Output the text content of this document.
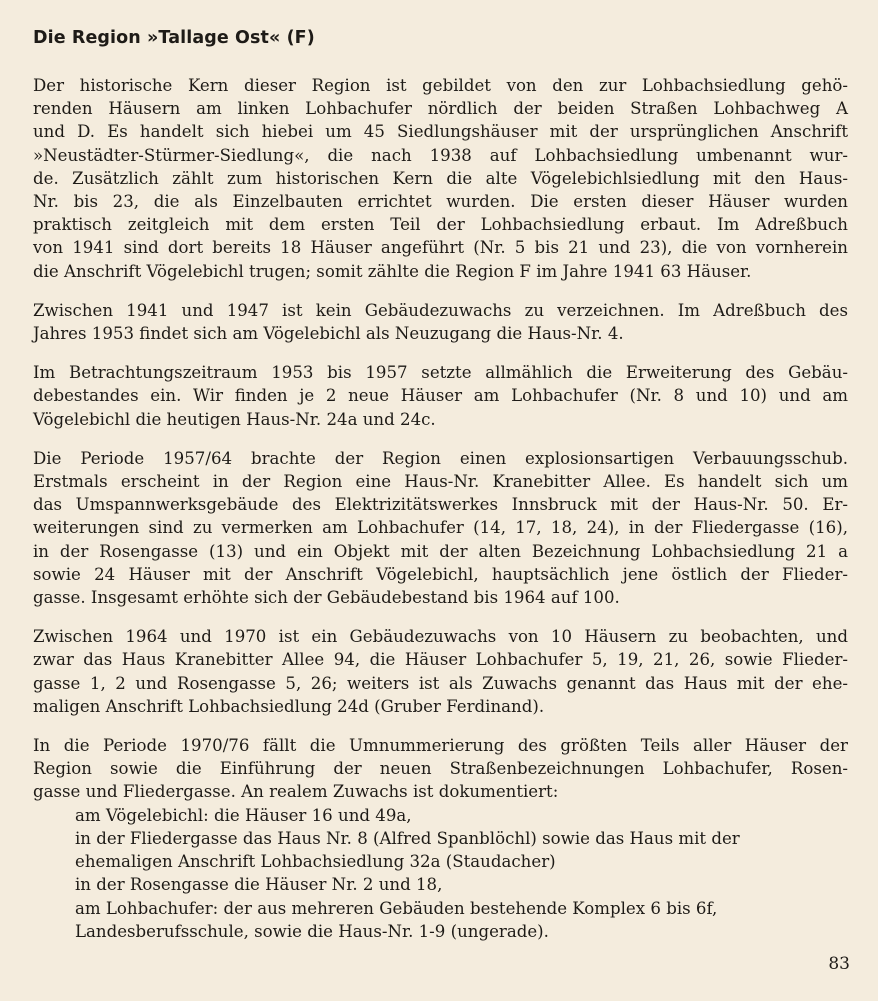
Die Region »Tallage Ost« (F)
Der historische Kern dieser Region ist gebildet von den zur Lohbachsiedlung gehö-
renden Häusern am linken Lohbachufer nördlich der beiden Straßen Lohbachweg A
und D. Es handelt sich hiebei um 45 Siedlungshäuser mit der ursprünglichen Anschrift
»Neustädter-Stürmer-Siedlung«, die nach 1938 auf Lohbachsiedlung umbenannt wur-
de. Zusätzlich zählt zum historischen Kern die alte Vögelebichlsiedlung mit den Haus-
Nr. bis 23, die als Einzelbauten errichtet wurden. Die ersten dieser Häuser wurden
praktisch zeitgleich mit dem ersten Teil der Lohbachsiedlung erbaut. Im Adreßbuch
von 1941 sind dort bereits 18 Häuser angeführt (Nr. 5 bis 21 und 23), die von vornherein
die Anschrift Vögelebichl trugen; somit zählte die Region F im Jahre 1941 63 Häuser.
Zwischen 1941 und 1947 ist kein Gebäudezuwachs zu verzeichnen. Im Adreßbuch des
Jahres 1953 findet sich am Vögelebichl als Neuzugang die Haus-Nr. 4.
Im Betrachtungszeitraum 1953 bis 1957 setzte allmählich die Erweiterung des Gebäu-
debestandes ein. Wir finden je 2 neue Häuser am Lohbachufer (Nr. 8 und 10) und am
Vögelebichl die heutigen Haus-Nr. 24a und 24c.
Die Periode 1957/64 brachte der Region einen explosionsartigen Verbauungsschub.
Erstmals erscheint in der Region eine Haus-Nr. Kranebitter Allee. Es handelt sich um
das Umspannwerksgebäude des Elektrizitätswerkes Innsbruck mit der Haus-Nr. 50. Er-
weiterungen sind zu vermerken am Lohbachufer (14, 17, 18, 24), in der Fliedergasse (16),
in der Rosengasse (13) und ein Objekt mit der alten Bezeichnung Lohbachsiedlung 21 a
sowie 24 Häuser mit der Anschrift Vögelebichl, hauptsächlich jene östlich der Flieder-
gasse. Insgesamt erhöhte sich der Gebäudebestand bis 1964 auf 100.
Zwischen 1964 und 1970 ist ein Gebäudezuwachs von 10 Häusern zu beobachten, und
zwar das Haus Kranebitter Allee 94, die Häuser Lohbachufer 5, 19, 21, 26, sowie Flieder-
gasse 1, 2 und Rosengasse 5, 26; weiters ist als Zuwachs genannt das Haus mit der ehe-
maligen Anschrift Lohbachsiedlung 24d (Gruber Ferdinand).
In die Periode 1970/76 fällt die Umnummerierung des größten Teils aller Häuser der
Region sowie die Einführung der neuen Straßenbezeichnungen Lohbachufer, Rosen-
gasse und Fliedergasse. An realem Zuwachs ist dokumentiert:
am Vögelebichl: die Häuser 16 und 49a,
in der Fliedergasse das Haus Nr. 8 (Alfred Spanblöchl) sowie das Haus mit der
ehemaligen Anschrift Lohbachsiedlung 32a (Staudacher)
in der Rosengasse die Häuser Nr. 2 und 18,
am Lohbachufer: der aus mehreren Gebäuden bestehende Komplex 6 bis 6f,
Landesberufsschule, sowie die Haus-Nr. 1-9 (ungerade).
83
